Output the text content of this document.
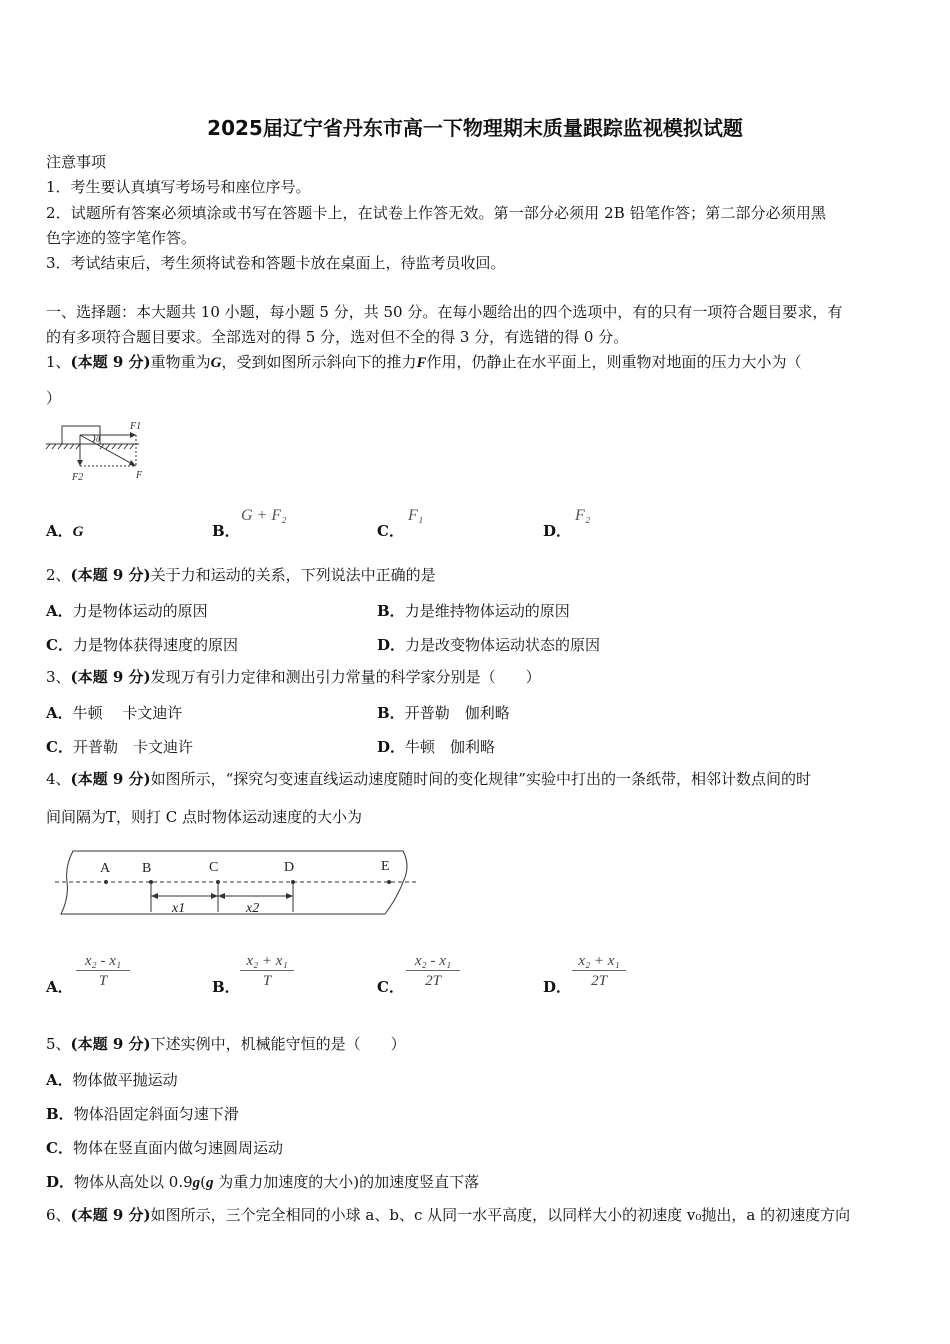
2025届辽宁省丹东市高一下物理期末质量跟踪监视模拟试题
注意事项
1．考生要认真填写考场号和座位序号。
2．试题所有答案必须填涂或书写在答题卡上，在试卷上作答无效。第一部分必须用 2B 铅笔作答；第二部分必须用黑
色字迹的签字笔作答。
3．考试结束后，考生须将试卷和答题卡放在桌面上，待监考员收回。
一、选择题：本大题共 10 小题，每小题 5 分，共 50 分。在每小题给出的四个选项中，有的只有一项符合题目要求，有
的有多项符合题目要求。全部选对的得 5 分，选对但不全的得 3 分，有选错的得 0 分。
1、(本题 9 分)重物重为G，受到如图所示斜向下的推力F作用，仍静止在水平面上，则重物对地面的压力大小为（
）
F1
θ
F2	F
A．G	B．
G + F₂
C．
F₁
D．
F₂
2、(本题 9 分)关于力和运动的关系，下列说法中正确的是
A．力是物体运动的原因	B．力是维持物体运动的原因
C．力是物体获得速度的原因	D．力是改变物体运动状态的原因
3、(本题 9 分)发现万有引力定律和测出引力常量的科学家分别是（　　）
A．牛顿　 卡文迪许	B．开普勒　伽利略
C．开普勒　卡文迪许	D．牛顿　伽利略
4、(本题 9 分)如图所示，“探究匀变速直线运动速度随时间的变化规律”实验中打出的一条纸带，相邻计数点间的时
间间隔为T，则打 C 点时物体运动速度的大小为
A B	C	D	E
x1	x2
A． $\frac{\text{x₂ - x₁}}{T}$	B． $\frac{\text{x₂ + x₁}}{T}$	C． $\frac{\text{x₂ - x₁}}{2T}$	D． $\frac{\text{x₂ + x₁}}{2T}$
5、(本题 9 分)下述实例中，机械能守恒的是（　　）
A．物体做平抛运动
B．物体沿固定斜面匀速下滑
C．物体在竖直面内做匀速圆周运动
D．物体从高处以 0.9g(g 为重力加速度的大小)的加速度竖直下落
6、(本题 9 分)如图所示，三个完全相同的小球 a、b、c 从同一水平高度，以同样大小的初速度 v₀抛出，a 的初速度方向
